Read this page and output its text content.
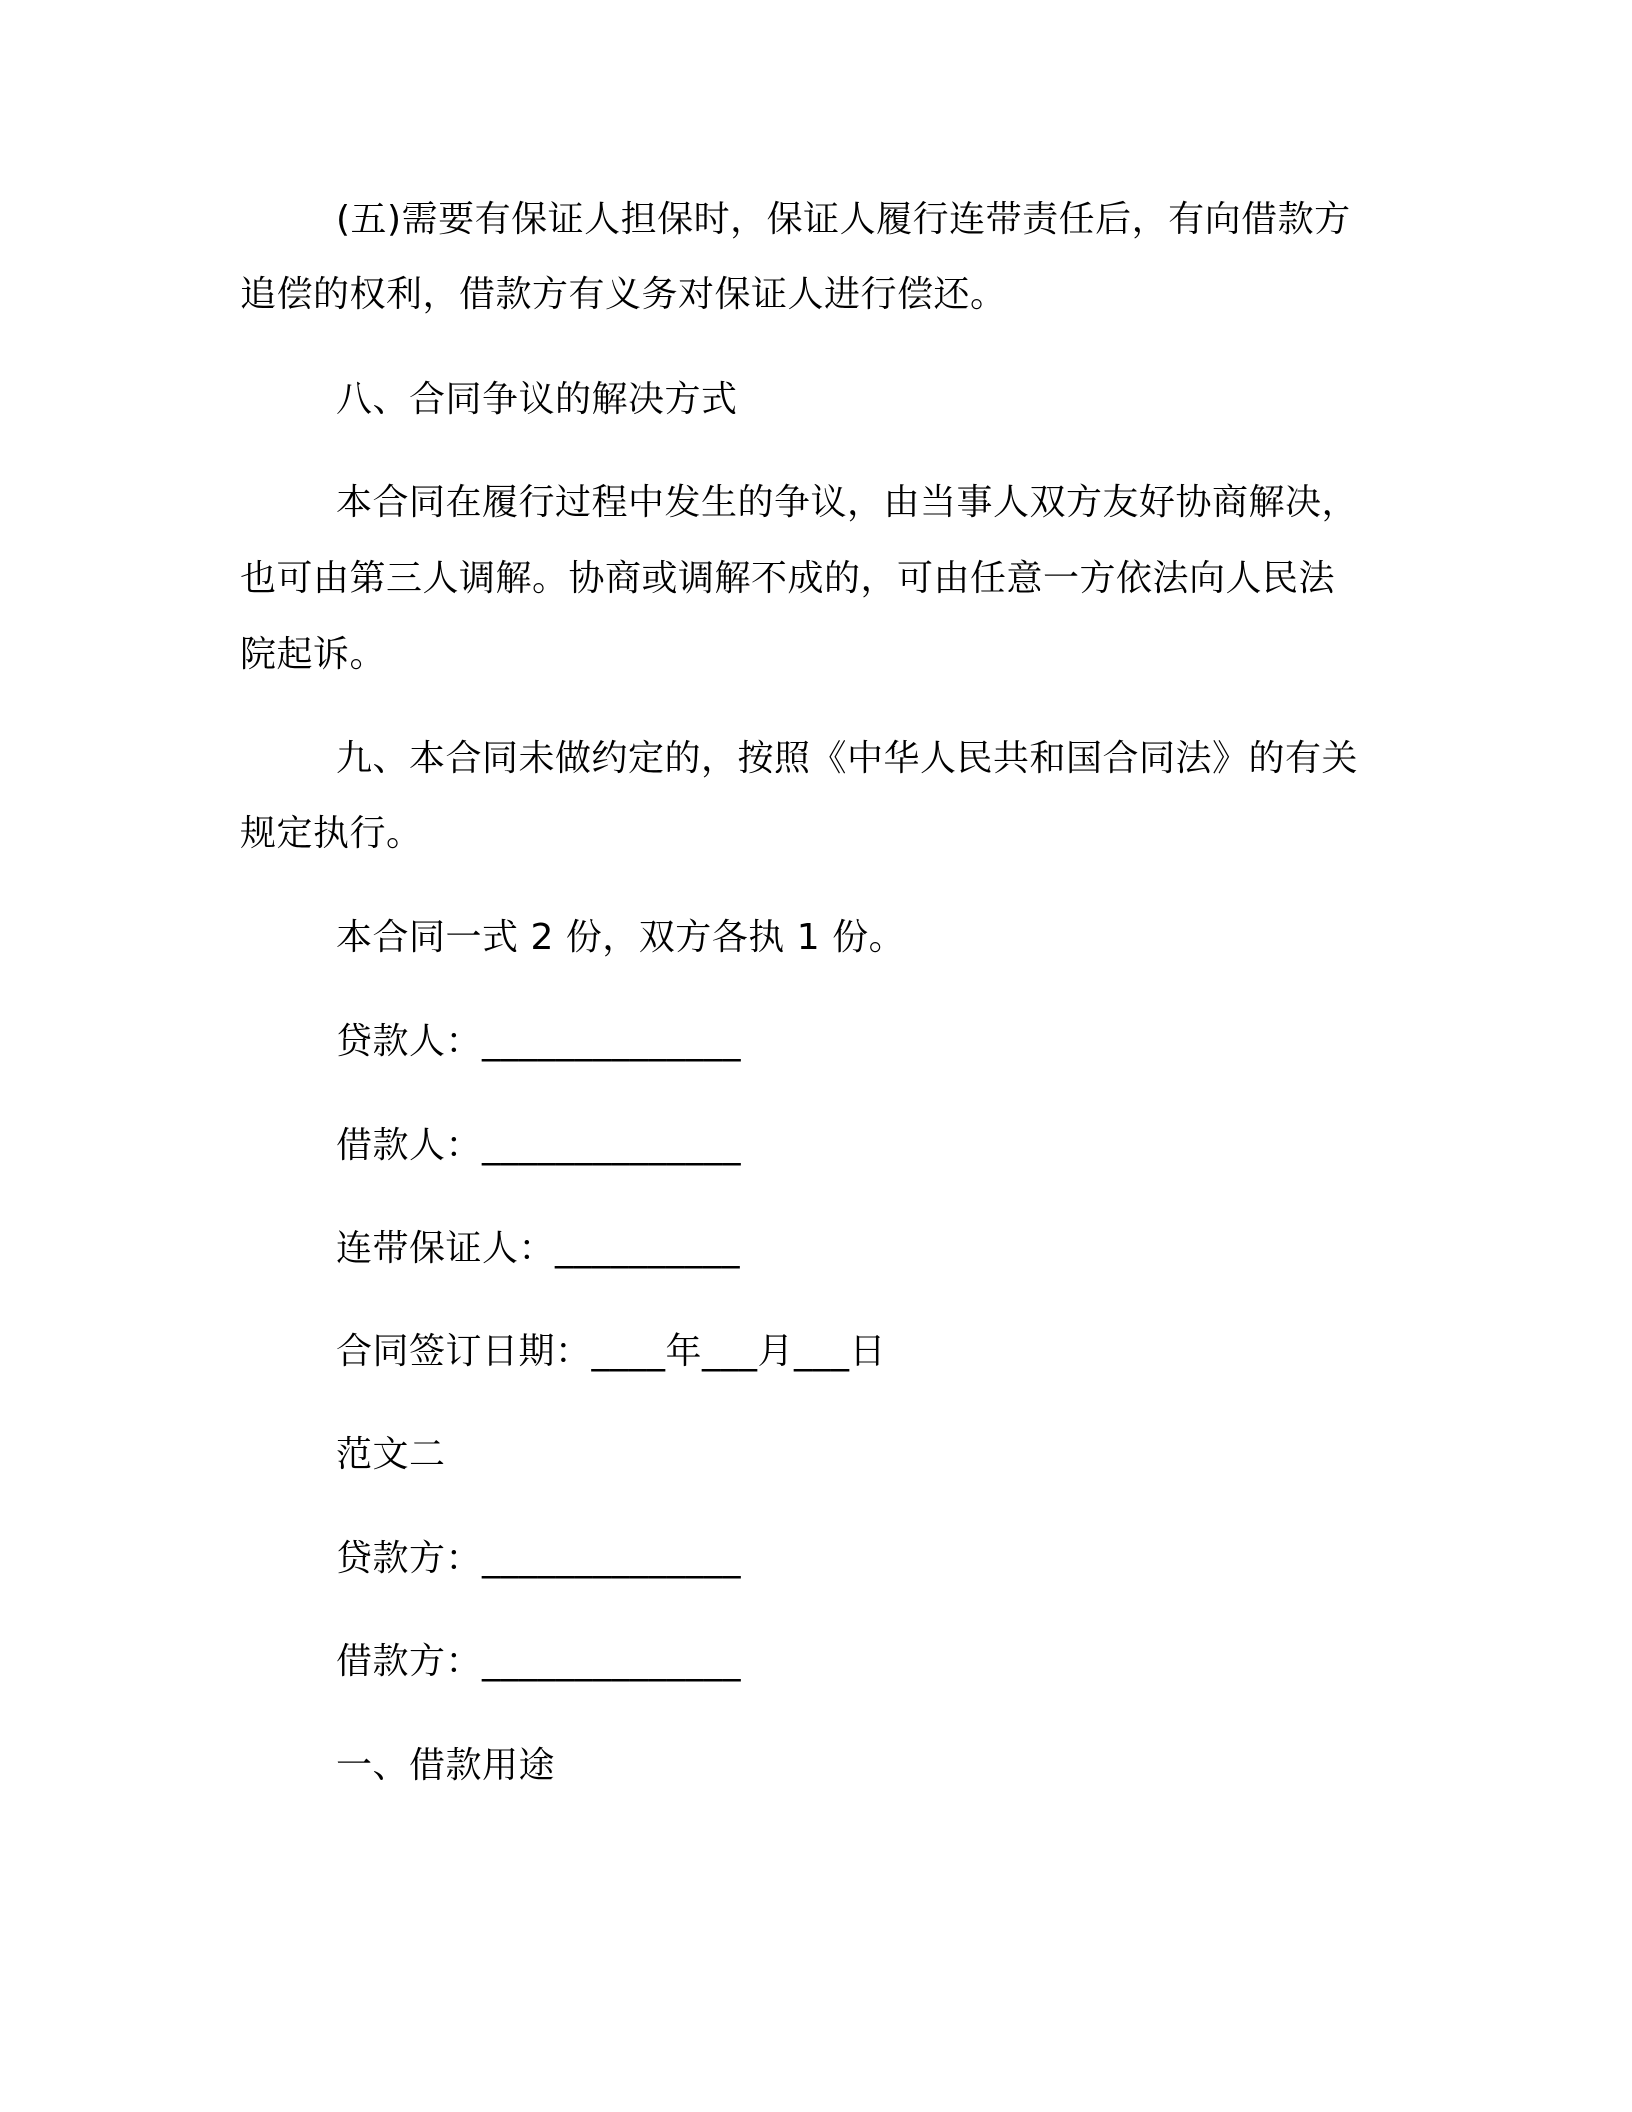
(五)需要有保证人担保时，保证人履行连带责任后，有向借款方
追偿的权利，借款方有义务对保证人进行偿还。
八、合同争议的解决方式
本合同在履行过程中发生的争议，由当事人双方友好协商解决，
也可由第三人调解。协商或调解不成的，可由任意一方依法向人民法
院起诉。
九、本合同未做约定的，按照《中华人民共和国合同法》的有关
规定执行。
本合同一式 2 份，双方各执 1 份。
贷款人：______________
借款人：______________
连带保证人：__________
合同签订日期：____年___月___日
范文二
贷款方：______________
借款方：______________
一、借款用途
